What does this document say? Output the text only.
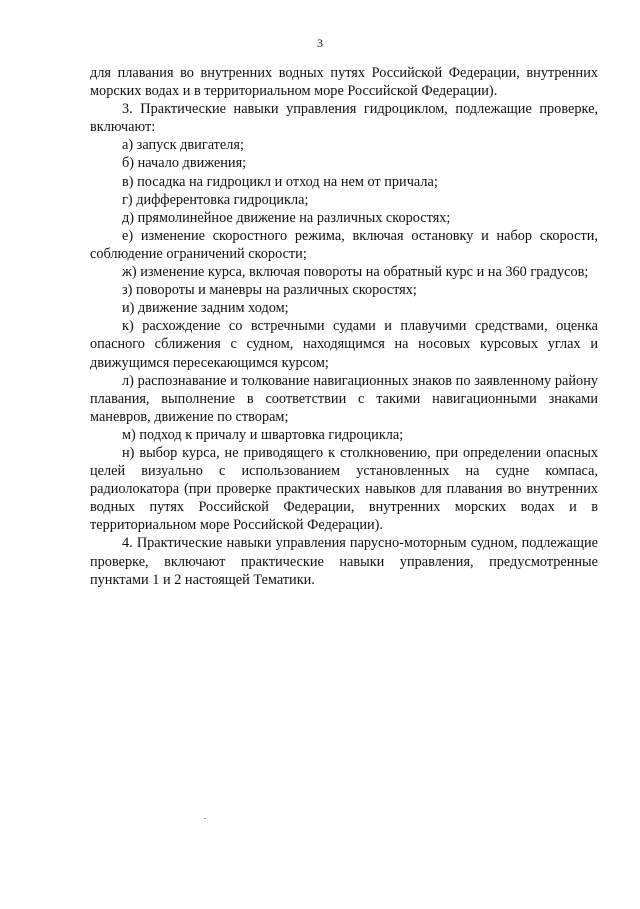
3

для плавания во внутренних водных путях Российской Федерации, внутренних морских водах и в территориальном море Российской Федерации).

3. Практические навыки управления гидроциклом, подлежащие проверке, включают:

а) запуск двигателя;

б) начало движения;

в) посадка на гидроцикл и отход на нем от причала;

г) дифферентовка гидроцикла;

д) прямолинейное движение на различных скоростях;

е) изменение скоростного режима, включая остановку и набор скорости, соблюдение ограничений скорости;

ж) изменение курса, включая повороты на обратный курс и на 360 градусов;

з) повороты и маневры на различных скоростях;

и) движение задним ходом;

к) расхождение со встречными судами и плавучими средствами, оценка опасного сближения с судном, находящимся на носовых курсовых углах и движущимся пересекающимся курсом;

л) распознавание и толкование навигационных знаков по заявленному району плавания, выполнение в соответствии с такими навигационными знаками маневров, движение по створам;

м) подход к причалу и швартовка гидроцикла;

н) выбор курса, не приводящего к столкновению, при определении опасных целей визуально с использованием установленных на судне компаса, радиолокатора (при проверке практических навыков для плавания во внутренних водных путях Российской Федерации, внутренних морских водах и в территориальном море Российской Федерации).

4. Практические навыки управления парусно-моторным судном, подлежащие проверке, включают практические навыки управления, предусмотренные пунктами 1 и 2 настоящей Тематики.
